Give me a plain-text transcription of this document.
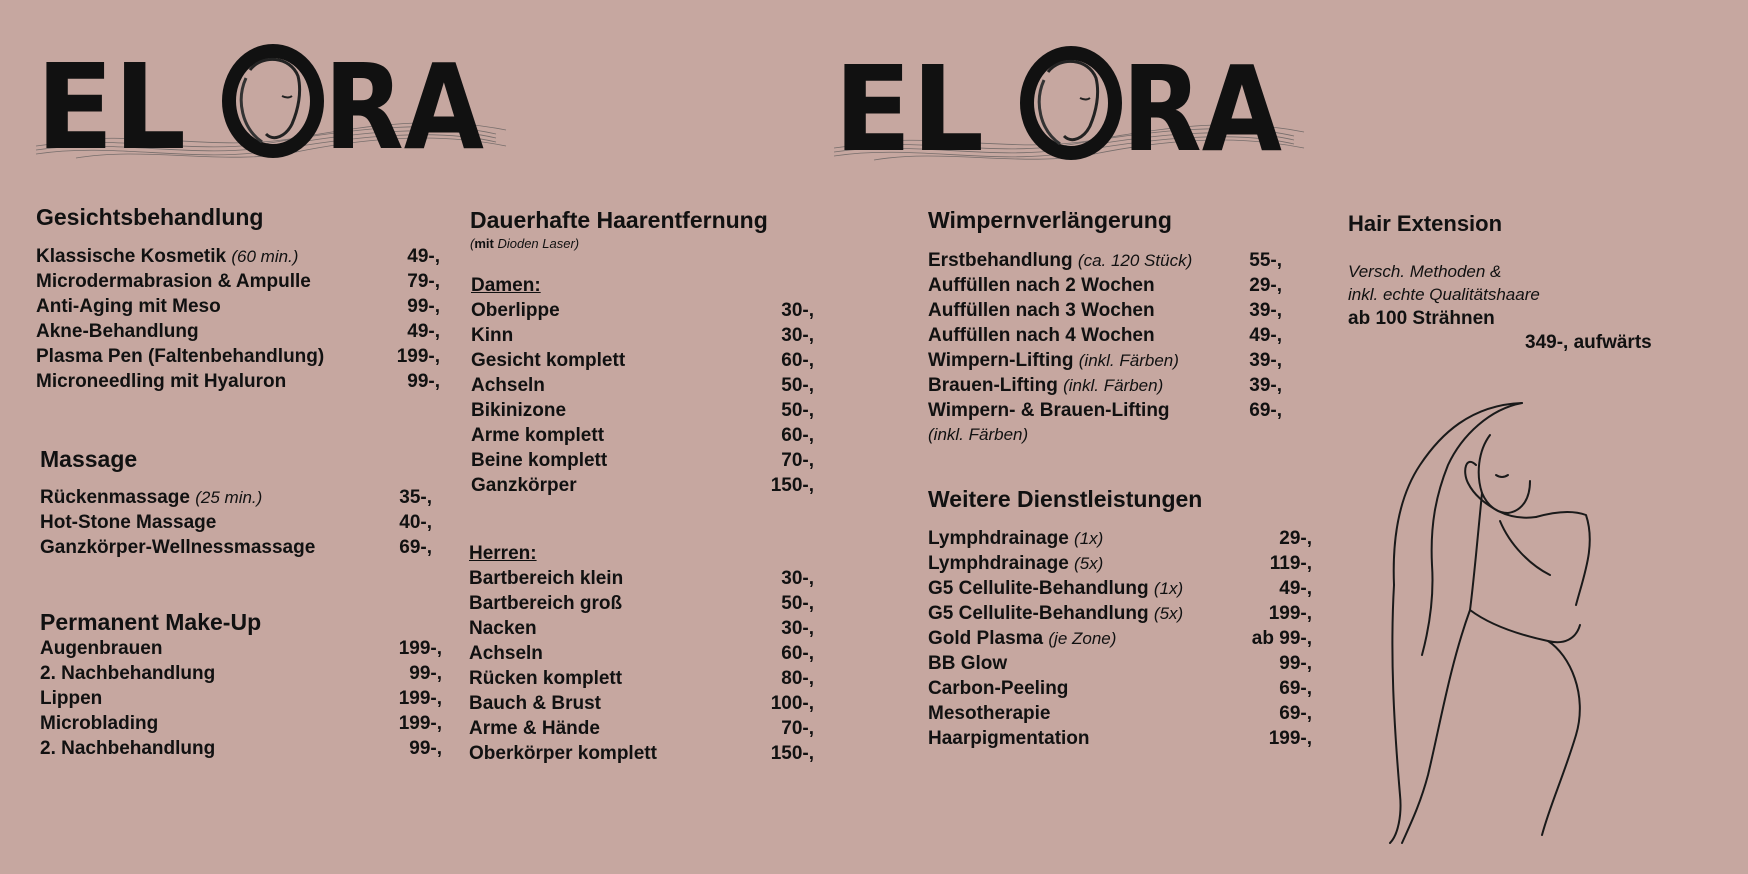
EL RA	EL RA
Gesichtsbehandlung
Klassische Kosmetik (60 min.)	49-,
Microdermabrasion & Ampulle	79-,
Anti-Aging mit Meso	99-,
Akne-Behandlung	49-,
Plasma Pen (Faltenbehandlung)	199-,
Microneedling mit Hyaluron	99-,
Massage
Rückenmassage (25 min.)	35-,
Hot-Stone Massage	40-,
Ganzkörper-Wellnessmassage	69-,
Permanent Make-Up
Augenbrauen	199-,
2. Nachbehandlung	99-,
Lippen	199-,
Microblading	199-,
2. Nachbehandlung	99-,
Dauerhafte Haarentfernung
(mit Dioden Laser)
Damen:
Oberlippe	30-,
Kinn	30-,
Gesicht komplett	60-,
Achseln	50-,
Bikinizone	50-,
Arme komplett	60-,
Beine komplett	70-,
Ganzkörper	150-,
Herren:
Bartbereich klein	30-,
Bartbereich groß	50-,
Nacken	30-,
Achseln	60-,
Rücken komplett	80-,
Bauch & Brust	100-,
Arme & Hände	70-,
Oberkörper komplett	150-,
Wimpernverlängerung
Erstbehandlung (ca. 120 Stück)	55-,
Auffüllen nach 2 Wochen	29-,
Auffüllen nach 3 Wochen	39-,
Auffüllen nach 4 Wochen	49-,
Wimpern-Lifting (inkl. Färben)	39-,
Brauen-Lifting (inkl. Färben)	39-,
Wimpern- & Brauen-Lifting	69-,
(inkl. Färben)
Weitere Dienstleistungen
Lymphdrainage (1x)	29-,
Lymphdrainage (5x)	119-,
G5 Cellulite-Behandlung (1x)	49-,
G5 Cellulite-Behandlung (5x)	199-,
Gold Plasma (je Zone)	ab 99-,
BB Glow	99-,
Carbon-Peeling	69-,
Mesotherapie	69-,
Haarpigmentation	199-,
Hair Extension
Versch. Methoden &
inkl. echte Qualitätshaare
ab 100 Strähnen
349-, aufwärts
